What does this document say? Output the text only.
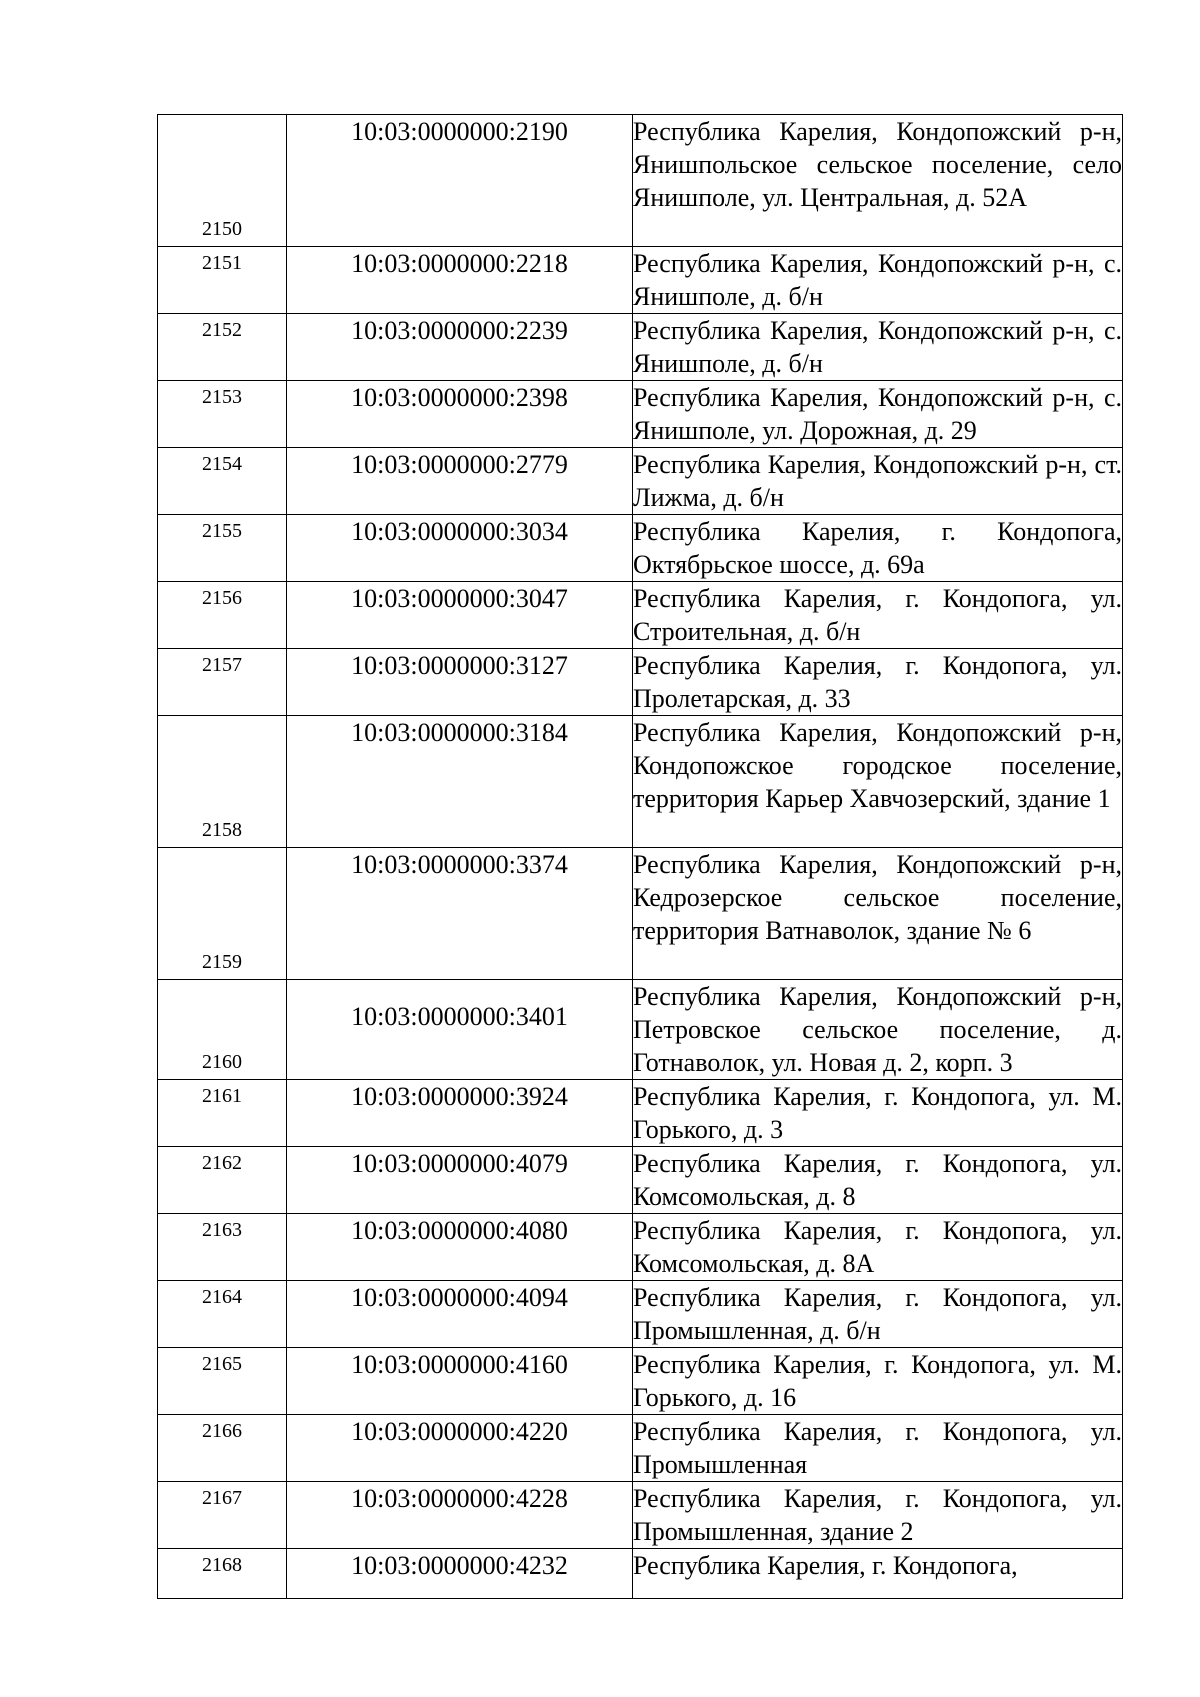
2150	10:03:0000000:2190	Республика Карелия, Кондопожский р-н, Янишпольское сельское поселение, село Янишполе, ул. Центральная, д. 52А
2151	10:03:0000000:2218	Республика Карелия, Кондопожский р-н, с. Янишполе, д. б/н
2152	10:03:0000000:2239	Республика Карелия, Кондопожский р-н, с. Янишполе, д. б/н
2153	10:03:0000000:2398	Республика Карелия, Кондопожский р-н, с. Янишполе, ул. Дорожная, д. 29
2154	10:03:0000000:2779	Республика Карелия, Кондопожский р-н, ст. Лижма, д. б/н
2155	10:03:0000000:3034	Республика Карелия, г. Кондопога, Октябрьское шоссе, д. 69а
2156	10:03:0000000:3047	Республика Карелия, г. Кондопога, ул. Строительная, д. б/н
2157	10:03:0000000:3127	Республика Карелия, г. Кондопога, ул. Пролетарская, д. 33
2158	10:03:0000000:3184	Республика Карелия, Кондопожский р-н, Кондопожское городское поселение, территория Карьер Хавчозерский, здание 1
2159	10:03:0000000:3374	Республика Карелия, Кондопожский р-н, Кедрозерское сельское поселение, территория Ватнаволок, здание № 6
2160	10:03:0000000:3401	Республика Карелия, Кондопожский р-н, Петровское сельское поселение, д. Готнаволок, ул. Новая д. 2, корп. 3
2161	10:03:0000000:3924	Республика Карелия, г. Кондопога, ул. М. Горького, д. 3
2162	10:03:0000000:4079	Республика Карелия, г. Кондопога, ул. Комсомольская, д. 8
2163	10:03:0000000:4080	Республика Карелия, г. Кондопога, ул. Комсомольская, д. 8А
2164	10:03:0000000:4094	Республика Карелия, г. Кондопога, ул. Промышленная, д. б/н
2165	10:03:0000000:4160	Республика Карелия, г. Кондопога, ул. М. Горького, д. 16
2166	10:03:0000000:4220	Республика Карелия, г. Кондопога, ул. Промышленная
2167	10:03:0000000:4228	Республика Карелия, г. Кондопога, ул. Промышленная, здание 2
2168	10:03:0000000:4232	Республика Карелия, г. Кондопога,
